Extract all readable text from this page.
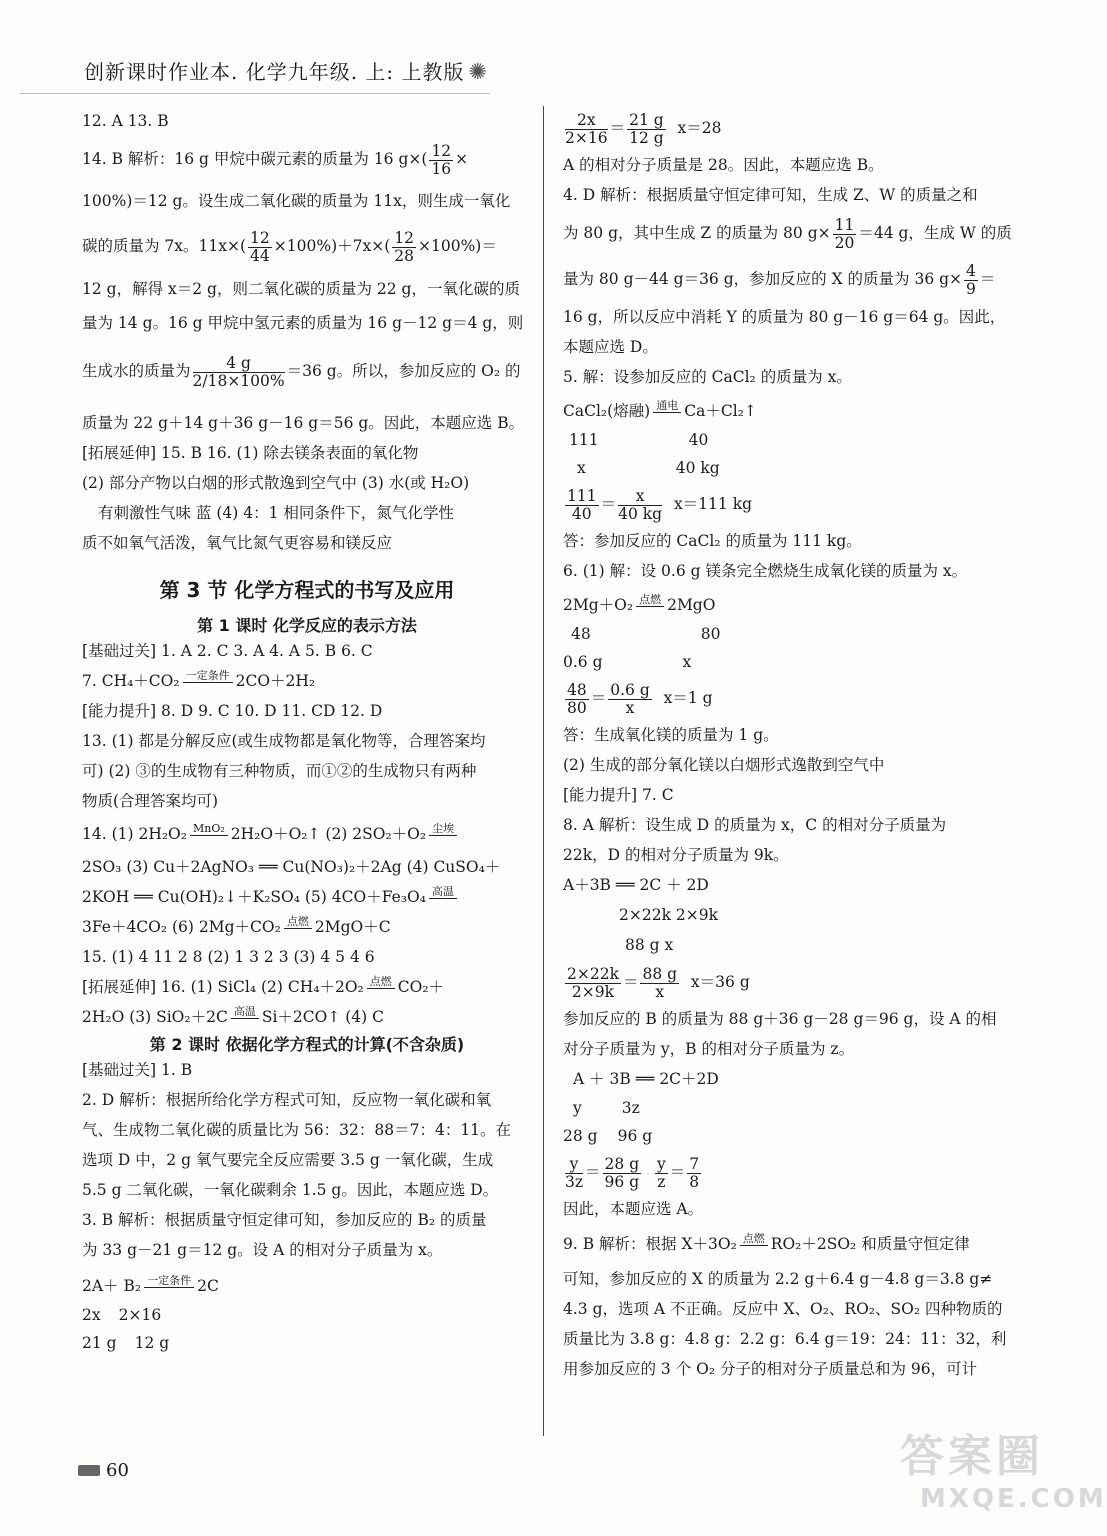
创新课时作业本. 化学九年级. 上: 上教版 ✺
12. A 13. B
14. B 解析：16 g 甲烷中碳元素的质量为 16 $g\times( \frac{12}{16}$ ×
100%)＝12 g。设生成二氧化碳的质量为 11x，则生成一氧化
碳的质量为 7x。$11x\times( \frac{12}{44} \times 100\%)+7x\times( \frac{12}{28} \times 100\%)=$
12 g，解得 x＝2 g，则二氧化碳的质量为 22 g，一氧化碳的质
量为 14 g。16 g 甲烷中氢元素的质量为 16 g－12 g＝4 g，则
生成水的质量为 $\frac{4 g}{2/18\times 100\%} =36$ g。所以，参加反应的 O₂ 的
质量为 22 g＋14 g＋36 g－16 g＝56 g。因此，本题应选 B。
[拓展延伸] 15. B 16. (1) 除去镁条表面的氧化物
(2) 部分产物以白烟的形式散逸到空气中 (3) 水(或 H₂O)
有刺激性气味 蓝 (4) 4：1 相同条件下，氮气化学性
质不如氧气活泼，氧气比氮气更容易和镁反应
第 3 节 化学方程式的书写及应用
第 1 课时 化学反应的表示方法
[基础过关] 1. A 2. C 3. A 4. A 5. B 6. C
7. CH₄＋CO₂ 一定条件
2CO＋2H₂
[能力提升] 8. D 9. C 10. D 11. CD 12. D
13. (1) 都是分解反应(或生成物都是氧化物等，合理答案均
可) (2) ③的生成物有三种物质，而①②的生成物只有两种
物质(合理答案均可)
14. (1) 2H₂O₂ MnO₂
2H₂O＋O₂↑ (2) 2SO₂＋O₂ 尘埃

2SO₃ (3) Cu＋2AgNO₃ ══ Cu(NO₃)₂＋2Ag (4) CuSO₄＋
2KOH ══ Cu(OH)₂↓＋K₂SO₄ (5) 4CO＋Fe₃O₄ 高温

3Fe＋4CO₂ (6) 2Mg＋CO₂ 点燃
2MgO＋C
15. (1) 4 11 2 8 (2) 1 3 2 3 (3) 4 5 4 6
[拓展延伸] 16. (1) SiCl₄ (2) CH₄＋2O₂ 点燃
CO₂＋
2H₂O (3) SiO₂＋2C 高温
Si＋2CO↑ (4) C
第 2 课时 依据化学方程式的计算(不含杂质)
[基础过关] 1. B
2. D 解析：根据所给化学方程式可知，反应物一氧化碳和氧
气、生成物二氧化碳的质量比为 56：32：88＝7：4：11。在
选项 D 中，2 g 氧气要完全反应需要 3.5 g 一氧化碳，生成
5.5 g 二氧化碳，一氧化碳剩余 1.5 g。因此，本题应选 D。
3. B 解析：根据质量守恒定律可知，参加反应的 B₂ 的质量
为 33 g－21 g＝12 g。设 A 的相对分子质量为 x。
2A＋ B₂ 一定条件
2C
2x 2×16
21 g 12 g
$\frac{2x}{2\times 16} = \frac{21 g}{12 g} x=28$
A 的相对分子质量是 28。因此，本题应选 B。
4. D 解析：根据质量守恒定律可知，生成 Z、W 的质量之和
为 80 g，其中生成 Z 的质量为 80 $g\times \frac{11}{20} =44$ g，生成 W 的质
量为 80 g－44 g＝36 g，参加反应的 X 的质量为 36 $g\times \frac{4}{9}$ ＝
16 g，所以反应中消耗 Y 的质量为 80 g－16 g＝64 g。因此，
本题应选 D。
5. 解：设参加反应的 CaCl₂ 的质量为 x。
CaCl₂(熔融) 通电
Ca＋Cl₂↑
111	40
x	40 kg
$\frac{111}{40} = \frac{x}{40 kg} x=111$ kg
答：参加反应的 CaCl₂ 的质量为 111 kg。
6. (1) 解：设 0.6 g 镁条完全燃烧生成氧化镁的质量为 x。
2Mg＋O₂ 点燃
2MgO
48	80
0.6 g	x
$\frac{48}{80} = \frac{0.6 g}{x} x=1$ g
答：生成氧化镁的质量为 1 g。
(2) 生成的部分氧化镁以白烟形式逸散到空气中
[能力提升] 7. C
8. A 解析：设生成 D 的质量为 x，C 的相对分子质量为
22k，D 的相对分子质量为 9k。
A＋3B ══ 2C ＋ 2D
2×22k 2×9k
88 g x
$\frac{2\times 22k}{2\times 9k} = \frac{88 g}{x} x=36$ g
参加反应的 B 的质量为 88 g＋36 g－28 g＝96 g，设 A 的相
对分子质量为 y，B 的相对分子质量为 z。
A ＋ 3B ══ 2C＋2D
y	3z
28 g 96 g
$\frac{y}{3z} = \frac{28 g}{96 g}$
$\frac{y}{z} = \frac{7}{8}$
因此，本题应选 A。
9. B 解析：根据 X＋3O₂ 点燃
RO₂＋2SO₂ 和质量守恒定律
可知，参加反应的 X 的质量为 2.2 g＋6.4 g－4.8 g＝3.8 g≠
4.3 g，选项 A 不正确。反应中 X、O₂、RO₂、SO₂ 四种物质的
质量比为 3.8 g：4.8 g：2.2 g：6.4 g＝19：24：11：32，利
用参加反应的 3 个 O₂ 分子的相对分子质量总和为 96，可计
60	答案圈
MXQE.COM
